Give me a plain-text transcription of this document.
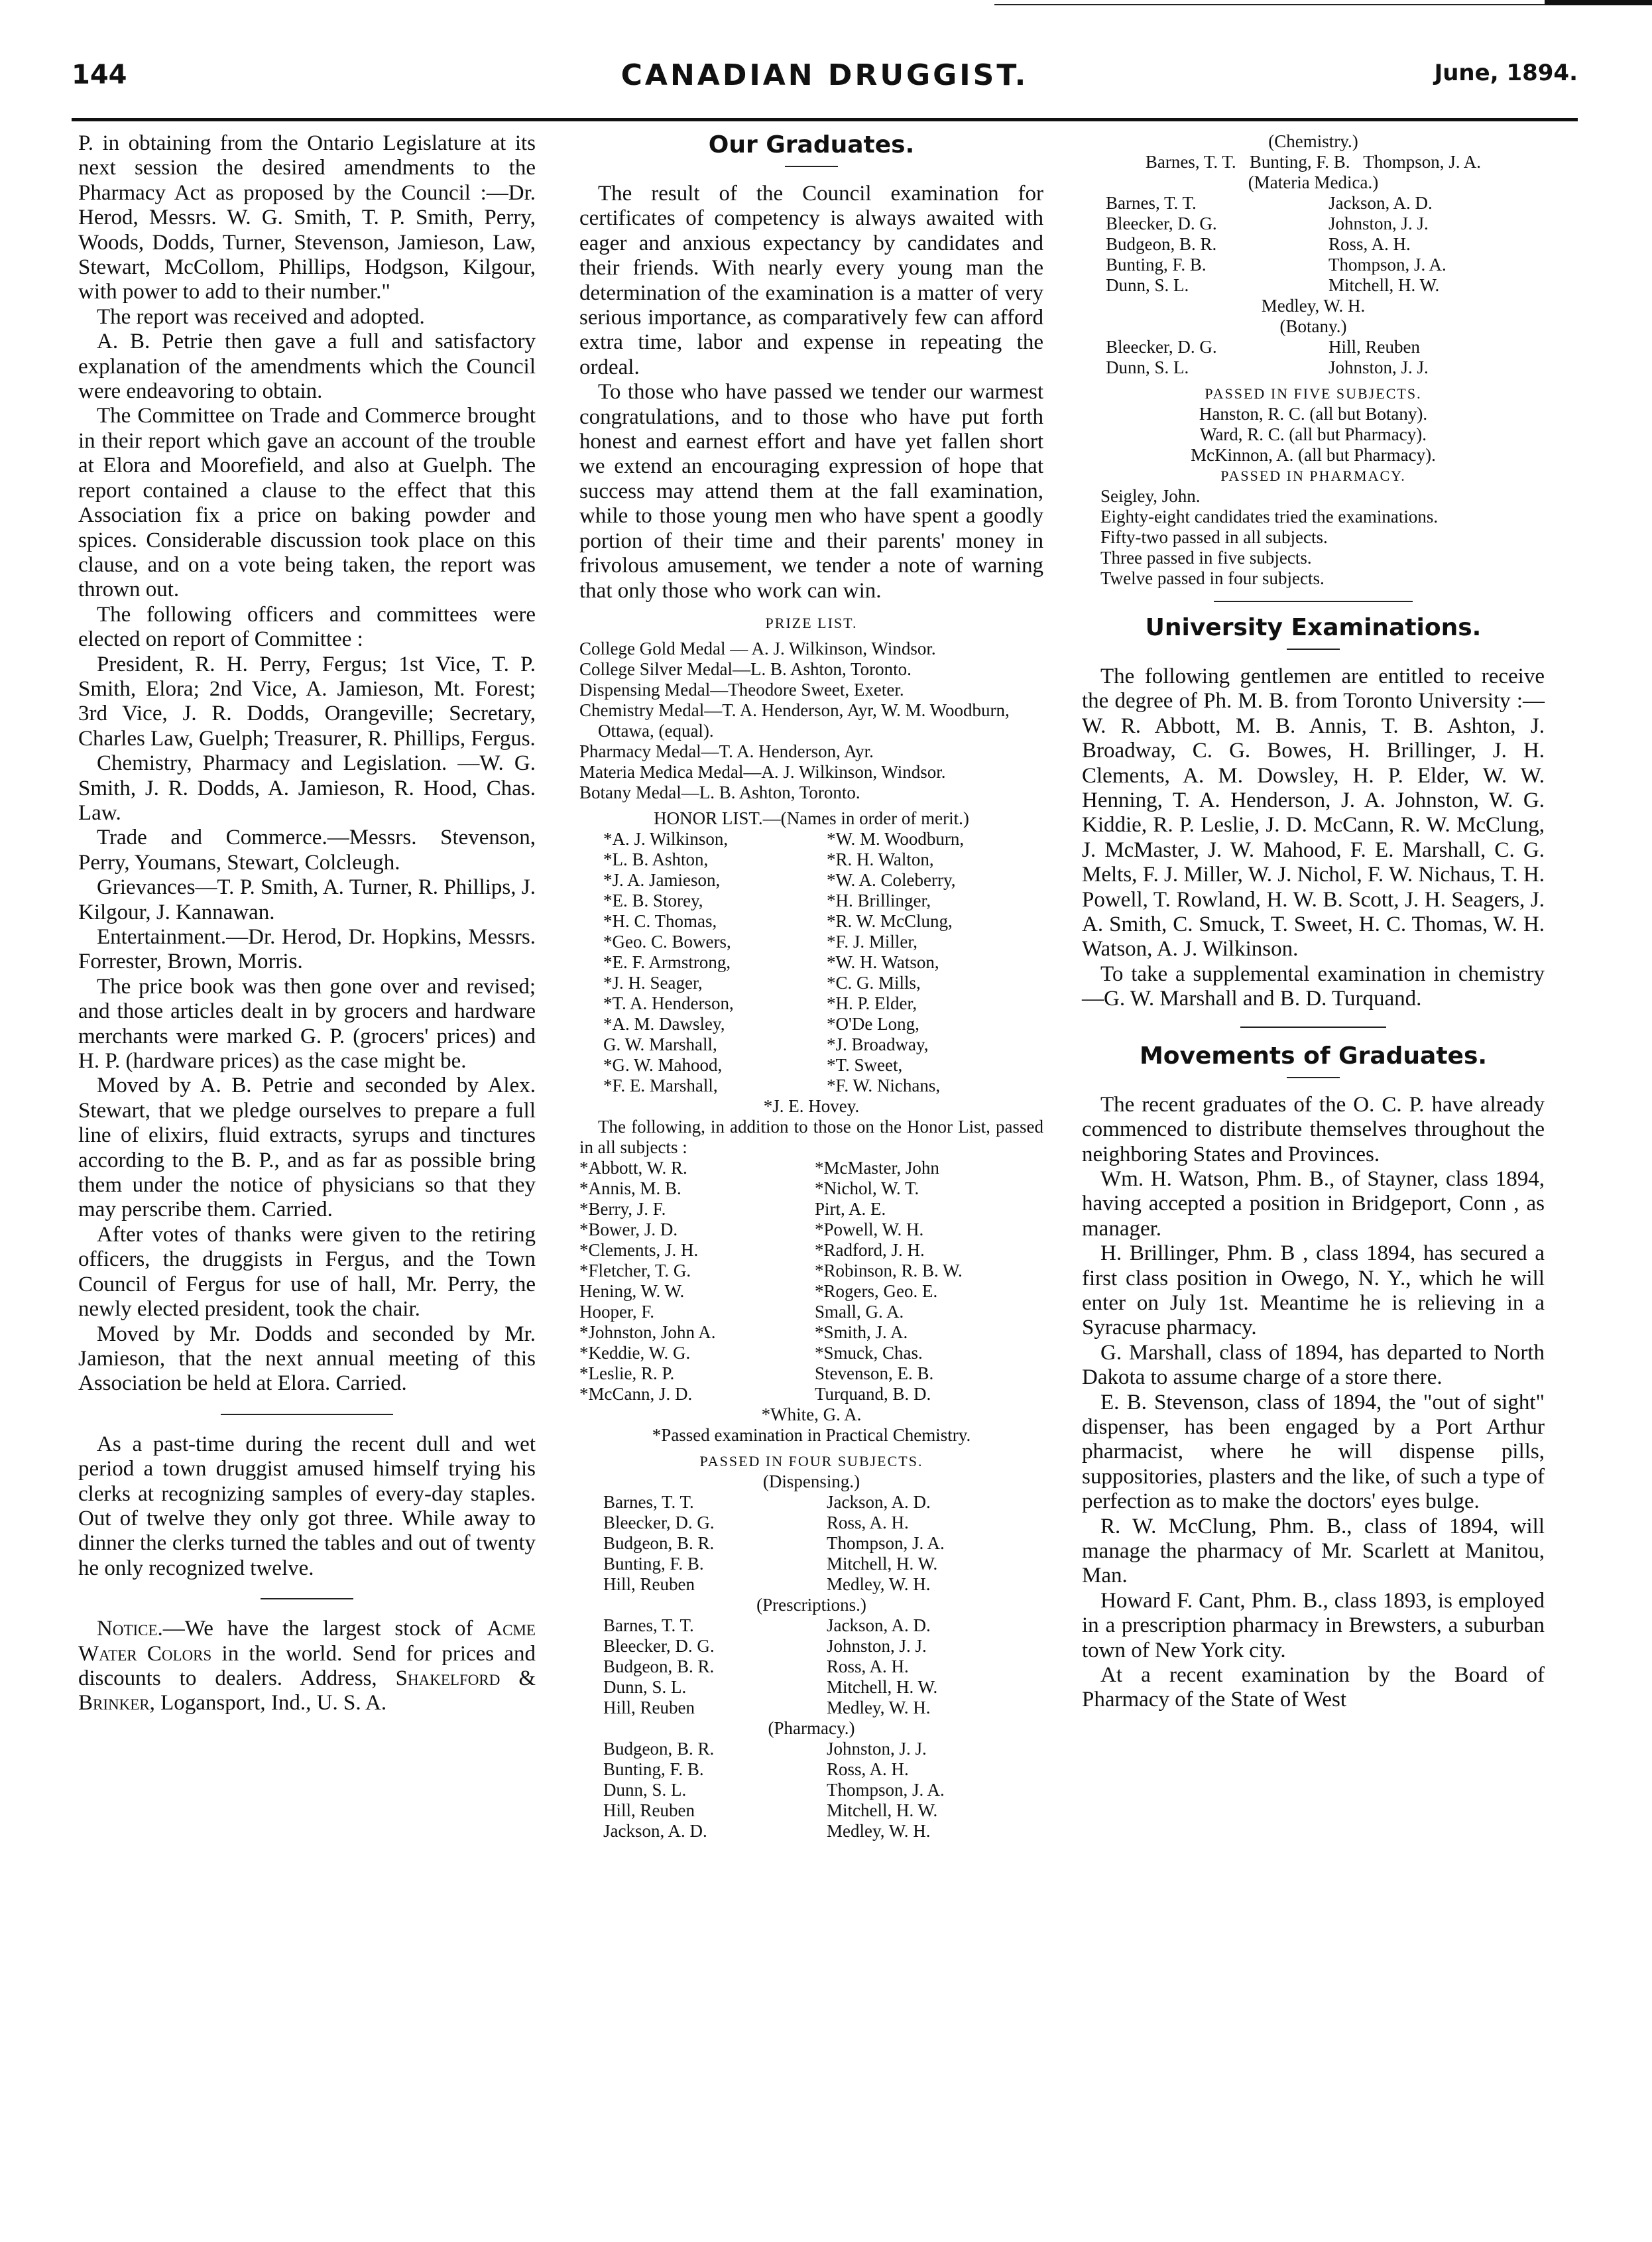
144	CANADIAN DRUGGIST.	June, 1894.

P. in obtaining from the Ontario Legislature at its next session the desired amendments to the Pharmacy Act as proposed by the Council :—Dr. Herod, Messrs. W. G. Smith, T. P. Smith, Perry, Woods, Dodds, Turner, Stevenson, Jamieson, Law, Stewart, McCollom, Phillips, Hodgson, Kilgour, with power to add to their number."

The report was received and adopted.

A. B. Petrie then gave a full and satisfactory explanation of the amendments which the Council were endeavoring to obtain.

The Committee on Trade and Commerce brought in their report which gave an account of the trouble at Elora and Moorefield, and also at Guelph. The report contained a clause to the effect that this Association fix a price on baking powder and spices. Considerable discussion took place on this clause, and on a vote being taken, the report was thrown out.

The following officers and committees were elected on report of Committee :

President, R. H. Perry, Fergus; 1st Vice, T. P. Smith, Elora; 2nd Vice, A. Jamieson, Mt. Forest; 3rd Vice, J. R. Dodds, Orangeville; Secretary, Charles Law, Guelph; Treasurer, R. Phillips, Fergus.

Chemistry, Pharmacy and Legislation. —W. G. Smith, J. R. Dodds, A. Jamieson, R. Hood, Chas. Law.

Trade and Commerce.—Messrs. Stevenson, Perry, Youmans, Stewart, Colcleugh.

Grievances—T. P. Smith, A. Turner, R. Phillips, J. Kilgour, J. Kannawan.

Entertainment.—Dr. Herod, Dr. Hopkins, Messrs. Forrester, Brown, Morris.

The price book was then gone over and revised; and those articles dealt in by grocers and hardware merchants were marked G. P. (grocers' prices) and H. P. (hardware prices) as the case might be.

Moved by A. B. Petrie and seconded by Alex. Stewart, that we pledge ourselves to prepare a full line of elixirs, fluid extracts, syrups and tinctures according to the B. P., and as far as possible bring them under the notice of physicians so that they may perscribe them. Carried.

After votes of thanks were given to the retiring officers, the druggists in Fergus, and the Town Council of Fergus for use of hall, Mr. Perry, the newly elected president, took the chair.

Moved by Mr. Dodds and seconded by Mr. Jamieson, that the next annual meeting of this Association be held at Elora. Carried.

As a past-time during the recent dull and wet period a town druggist amused himself trying his clerks at recognizing samples of every-day staples. Out of twelve they only got three. While away to dinner the clerks turned the tables and out of twenty he only recognized twelve.

Notice.—We have the largest stock of Acme Water Colors in the world. Send for prices and discounts to dealers. Address, Shakelford & Brinker, Logansport, Ind., U. S. A.

Our Graduates.

The result of the Council examination for certificates of competency is always awaited with eager and anxious expectancy by candidates and their friends. With nearly every young man the determination of the examination is a matter of very serious importance, as comparatively few can afford extra time, labor and expense in repeating the ordeal.

To those who have passed we tender our warmest congratulations, and to those who have put forth honest and earnest effort and have yet fallen short we extend an encouraging expression of hope that success may attend them at the fall examination, while to those young men who have spent a goodly portion of their time and their parents' money in frivolous amusement, we tender a note of warning that only those who work can win.

PRIZE LIST.

College Gold Medal — A. J. Wilkinson, Windsor.

College Silver Medal—L. B. Ashton, Toronto.

Dispensing Medal—Theodore Sweet, Exeter.

Chemistry Medal—T. A. Henderson, Ayr, W. M. Woodburn, Ottawa, (equal).

Pharmacy Medal—T. A. Henderson, Ayr.

Materia Medica Medal—A. J. Wilkinson, Windsor.

Botany Medal—L. B. Ashton, Toronto.

HONOR LIST.—(Names in order of merit.)

*A. J. Wilkinson,	*W. M. Woodburn,
*L. B. Ashton,	*R. H. Walton,
*J. A. Jamieson,	*W. A. Coleberry,
*E. B. Storey,	*H. Brillinger,
*H. C. Thomas,	*R. W. McClung,
*Geo. C. Bowers,	*F. J. Miller,
*E. F. Armstrong,	*W. H. Watson,
*J. H. Seager,	*C. G. Mills,
*T. A. Henderson,	*H. P. Elder,
*A. M. Dawsley,	*O'De Long,
G. W. Marshall,	*J. Broadway,
*G. W. Mahood,	*T. Sweet,
*F. E. Marshall,	*F. W. Nichans,

*J. E. Hovey.

The following, in addition to those on the Honor List, passed in all subjects :

*Abbott, W. R.	*McMaster, John
*Annis, M. B.	*Nichol, W. T.
*Berry, J. F.	Pirt, A. E.
*Bower, J. D.	*Powell, W. H.
*Clements, J. H.	*Radford, J. H.
*Fletcher, T. G.	*Robinson, R. B. W.
Hening, W. W.	*Rogers, Geo. E.
Hooper, F.	Small, G. A.
*Johnston, John A.	*Smith, J. A.
*Keddie, W. G.	*Smuck, Chas.
*Leslie, R. P.	Stevenson, E. B.
*McCann, J. D.	Turquand, B. D.

*White, G. A.

*Passed examination in Practical Chemistry.

PASSED IN FOUR SUBJECTS.

(Dispensing.)

Barnes, T. T.	Jackson, A. D.
Bleecker, D. G.	Ross, A. H.
Budgeon, B. R.	Thompson, J. A.
Bunting, F. B.	Mitchell, H. W.
Hill, Reuben	Medley, W. H.

(Prescriptions.)

Barnes, T. T.	Jackson, A. D.
Bleecker, D. G.	Johnston, J. J.
Budgeon, B. R.	Ross, A. H.
Dunn, S. L.	Mitchell, H. W.
Hill, Reuben	Medley, W. H.

(Pharmacy.)

Budgeon, B. R.	Johnston, J. J.
Bunting, F. B.	Ross, A. H.
Dunn, S. L.	Thompson, J. A.
Hill, Reuben	Mitchell, H. W.
Jackson, A. D.	Medley, W. H.

(Chemistry.)

Barnes, T. T.   Bunting, F. B.   Thompson, J. A.

(Materia Medica.)

Barnes, T. T.	Jackson, A. D.
Bleecker, D. G.	Johnston, J. J.
Budgeon, B. R.	Ross, A. H.
Bunting, F. B.	Thompson, J. A.
Dunn, S. L.	Mitchell, H. W.

Medley, W. H.

(Botany.)

Bleecker, D. G.	Hill, Reuben
Dunn, S. L.	Johnston, J. J.

PASSED IN FIVE SUBJECTS.

Hanston, R. C. (all but Botany).

Ward, R. C. (all but Pharmacy).

McKinnon, A. (all but Pharmacy).

PASSED IN PHARMACY.

Seigley, John.

Eighty-eight candidates tried the examinations.

Fifty-two passed in all subjects.

Three passed in five subjects.

Twelve passed in four subjects.

University Examinations.

The following gentlemen are entitled to receive the degree of Ph. M. B. from Toronto University :—W. R. Abbott, M. B. Annis, T. B. Ashton, J. Broadway, C. G. Bowes, H. Brillinger, J. H. Clements, A. M. Dowsley, H. P. Elder, W. W. Henning, T. A. Henderson, J. A. Johnston, W. G. Kiddie, R. P. Leslie, J. D. McCann, R. W. McClung, J. McMaster, J. W. Mahood, F. E. Marshall, C. G. Melts, F. J. Miller, W. J. Nichol, F. W. Nichaus, T. H. Powell, T. Rowland, H. W. B. Scott, J. H. Seagers, J. A. Smith, C. Smuck, T. Sweet, H. C. Thomas, W. H. Watson, A. J. Wilkinson.

To take a supplemental examination in chemistry—G. W. Marshall and B. D. Turquand.

Movements of Graduates.

The recent graduates of the O. C. P. have already commenced to distribute themselves throughout the neighboring States and Provinces.

Wm. H. Watson, Phm. B., of Stayner, class 1894, having accepted a position in Bridgeport, Conn , as manager.

H. Brillinger, Phm. B , class 1894, has secured a first class position in Owego, N. Y., which he will enter on July 1st. Meantime he is relieving in a Syracuse pharmacy.

G. Marshall, class of 1894, has departed to North Dakota to assume charge of a store there.

E. B. Stevenson, class of 1894, the "out of sight" dispenser, has been engaged by a Port Arthur pharmacist, where he will dispense pills, suppositories, plasters and the like, of such a type of perfection as to make the doctors' eyes bulge.

R. W. McClung, Phm. B., class of 1894, will manage the pharmacy of Mr. Scarlett at Manitou, Man.

Howard F. Cant, Phm. B., class 1893, is employed in a prescription pharmacy in Brewsters, a suburban town of New York city.

At a recent examination by the Board of Pharmacy of the State of West
